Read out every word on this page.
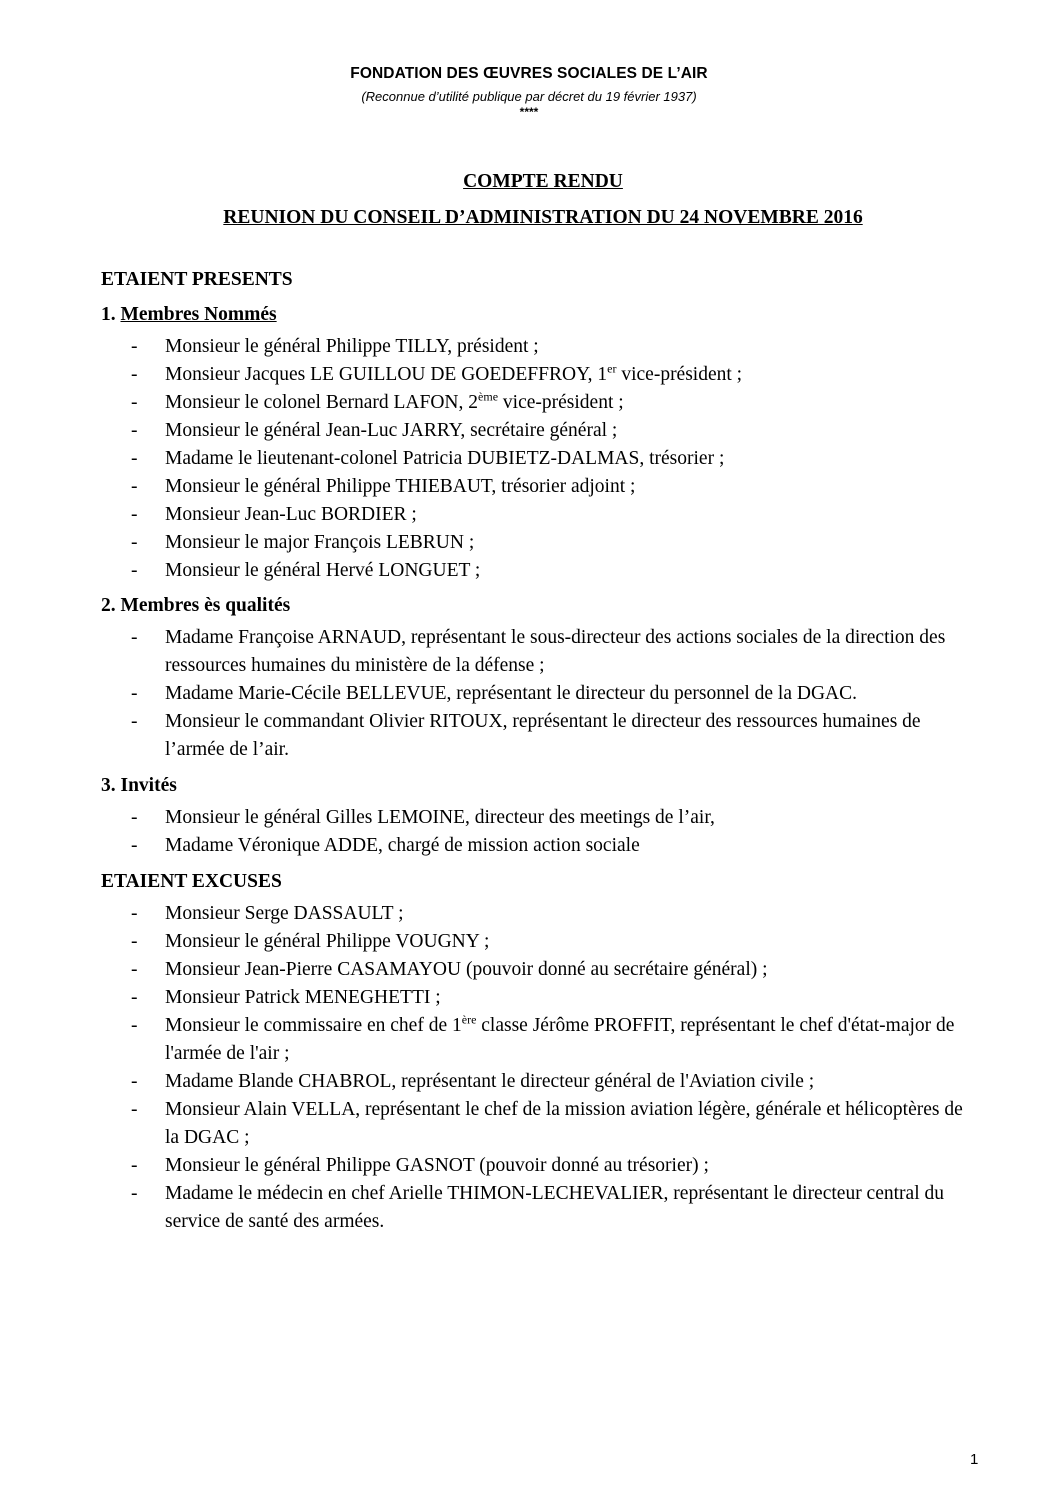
FONDATION DES ŒUVRES SOCIALES DE L’AIR
(Reconnue d’utilité publique par décret du 19 février 1937)
****
COMPTE RENDU
REUNION DU CONSEIL D’ADMINISTRATION DU 24 NOVEMBRE 2016
ETAIENT PRESENTS
1. Membres Nommés
- Monsieur le général Philippe TILLY, président ;
- Monsieur Jacques LE GUILLOU DE GOEDEFFROY, 1er vice-président ;
- Monsieur le colonel Bernard LAFON, 2ème vice-président ;
- Monsieur le général Jean-Luc JARRY, secrétaire général ;
- Madame le lieutenant-colonel Patricia DUBIETZ-DALMAS, trésorier ;
- Monsieur le général Philippe THIEBAUT, trésorier adjoint ;
- Monsieur Jean-Luc BORDIER ;
- Monsieur le major François LEBRUN ;
- Monsieur le général Hervé LONGUET ;
2. Membres ès qualités
- Madame Françoise ARNAUD, représentant le sous-directeur des actions sociales de la direction des ressources humaines du ministère de la défense ;
- Madame Marie-Cécile BELLEVUE, représentant le directeur du personnel de la DGAC.
- Monsieur le commandant Olivier RITOUX, représentant le directeur des ressources humaines de l’armée de l’air.
3. Invités
- Monsieur le général Gilles LEMOINE, directeur des meetings de l’air,
- Madame Véronique ADDE, chargé de mission action sociale
ETAIENT EXCUSES
- Monsieur Serge DASSAULT ;
- Monsieur le général Philippe VOUGNY ;
- Monsieur Jean-Pierre CASAMAYOU (pouvoir donné au secrétaire général) ;
- Monsieur Patrick MENEGHETTI ;
- Monsieur le commissaire en chef de 1ère classe Jérôme PROFFIT, représentant le chef d'état-major de l'armée de l'air ;
- Madame Blande CHABROL, représentant le directeur général de l'Aviation civile ;
- Monsieur Alain VELLA, représentant le chef de la mission aviation légère, générale et hélicoptères de la DGAC ;
- Monsieur le général Philippe GASNOT (pouvoir donné au trésorier) ;
- Madame le médecin en chef Arielle THIMON-LECHEVALIER, représentant le directeur central du service de santé des armées.
1
